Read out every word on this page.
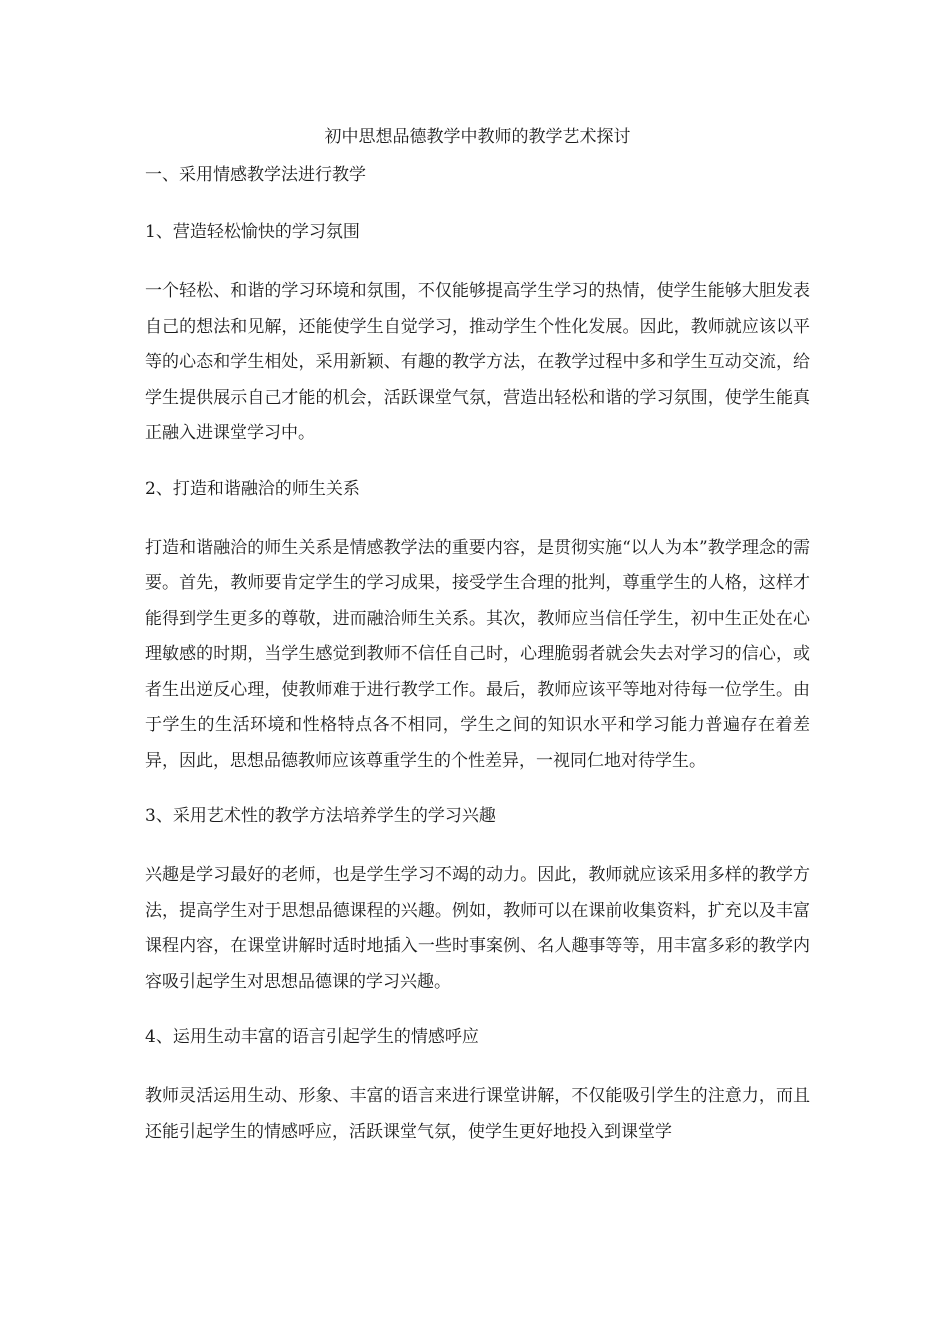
初中思想品德教学中教师的教学艺术探讨
一、采用情感教学法进行教学
1、营造轻松愉快的学习氛围

一个轻松、和谐的学习环境和氛围，不仅能够提高学生学习的热情，使学生能够大胆发表自己的想法和见解，还能使学生自觉学习，推动学生个性化发展。因此，教师就应该以平等的心态和学生相处，采用新颖、有趣的教学方法，在教学过程中多和学生互动交流，给学生提供展示自己才能的机会，活跃课堂气氛，营造出轻松和谐的学习氛围，使学生能真正融入进课堂学习中。

2、打造和谐融洽的师生关系

打造和谐融洽的师生关系是情感教学法的重要内容，是贯彻实施“以人为本”教学理念的需要。首先，教师要肯定学生的学习成果，接受学生合理的批判，尊重学生的人格，这样才能得到学生更多的尊敬，进而融洽师生关系。其次，教师应当信任学生，初中生正处在心理敏感的时期，当学生感觉到教师不信任自己时，心理脆弱者就会失去对学习的信心，或者生出逆反心理，使教师难于进行教学工作。最后，教师应该平等地对待每一位学生。由于学生的生活环境和性格特点各不相同，学生之间的知识水平和学习能力普遍存在着差异，因此，思想品德教师应该尊重学生的个性差异，一视同仁地对待学生。

3、采用艺术性的教学方法培养学生的学习兴趣

兴趣是学习最好的老师，也是学生学习不竭的动力。因此，教师就应该采用多样的教学方法，提高学生对于思想品德课程的兴趣。例如，教师可以在课前收集资料，扩充以及丰富课程内容，在课堂讲解时适时地插入一些时事案例、名人趣事等等，用丰富多彩的教学内容吸引起学生对思想品德课的学习兴趣。

4、运用生动丰富的语言引起学生的情感呼应

教师灵活运用生动、形象、丰富的语言来进行课堂讲解，不仅能吸引学生的注意力，而且还能引起学生的情感呼应，活跃课堂气氛，使学生更好地投入到课堂学
